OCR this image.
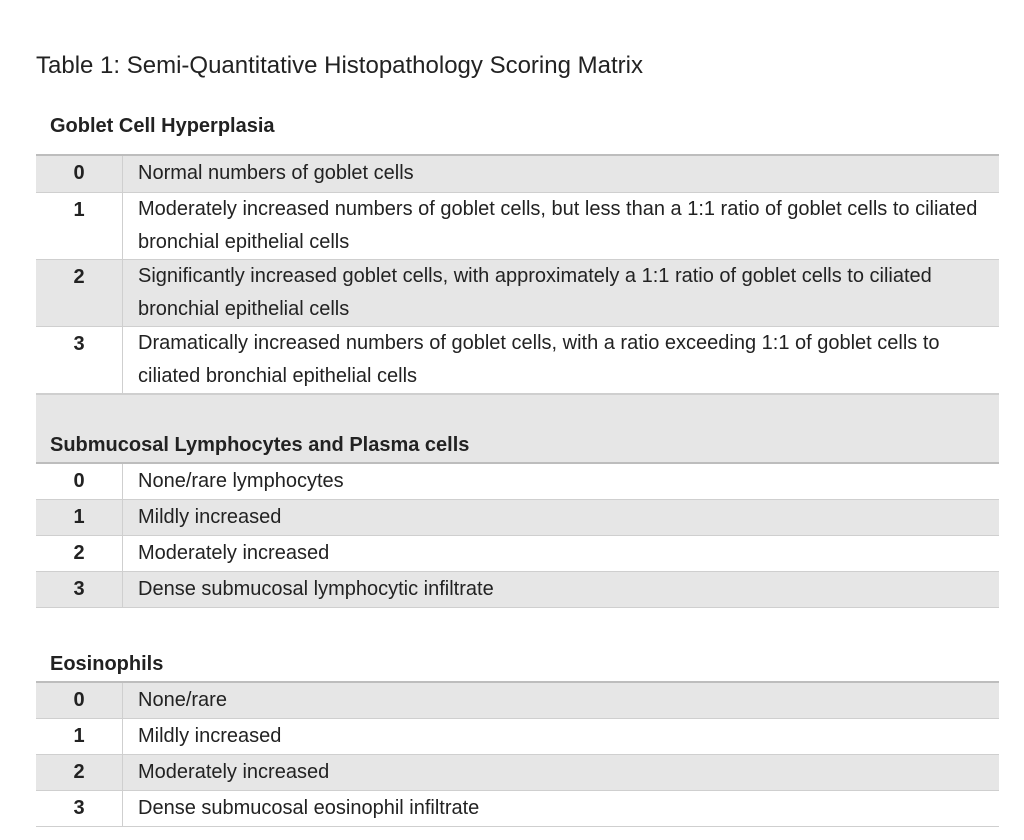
Table 1: Semi-Quantitative Histopathology Scoring Matrix
Goblet Cell Hyperplasia
0	Normal numbers of goblet cells
1	Moderately increased numbers of goblet cells, but less than a 1:1 ratio of goblet cells to ciliated bronchial epithelial cells
2	Significantly increased goblet cells, with approximately a 1:1 ratio of goblet cells to ciliated bronchial epithelial cells
3	Dramatically increased numbers of goblet cells, with a ratio exceeding 1:1 of goblet cells to ciliated bronchial epithelial cells
Submucosal Lymphocytes and Plasma cells
0	None/rare lymphocytes
1	Mildly increased
2	Moderately increased
3	Dense submucosal lymphocytic infiltrate
Eosinophils
0	None/rare
1	Mildly increased
2	Moderately increased
3	Dense submucosal eosinophil infiltrate
